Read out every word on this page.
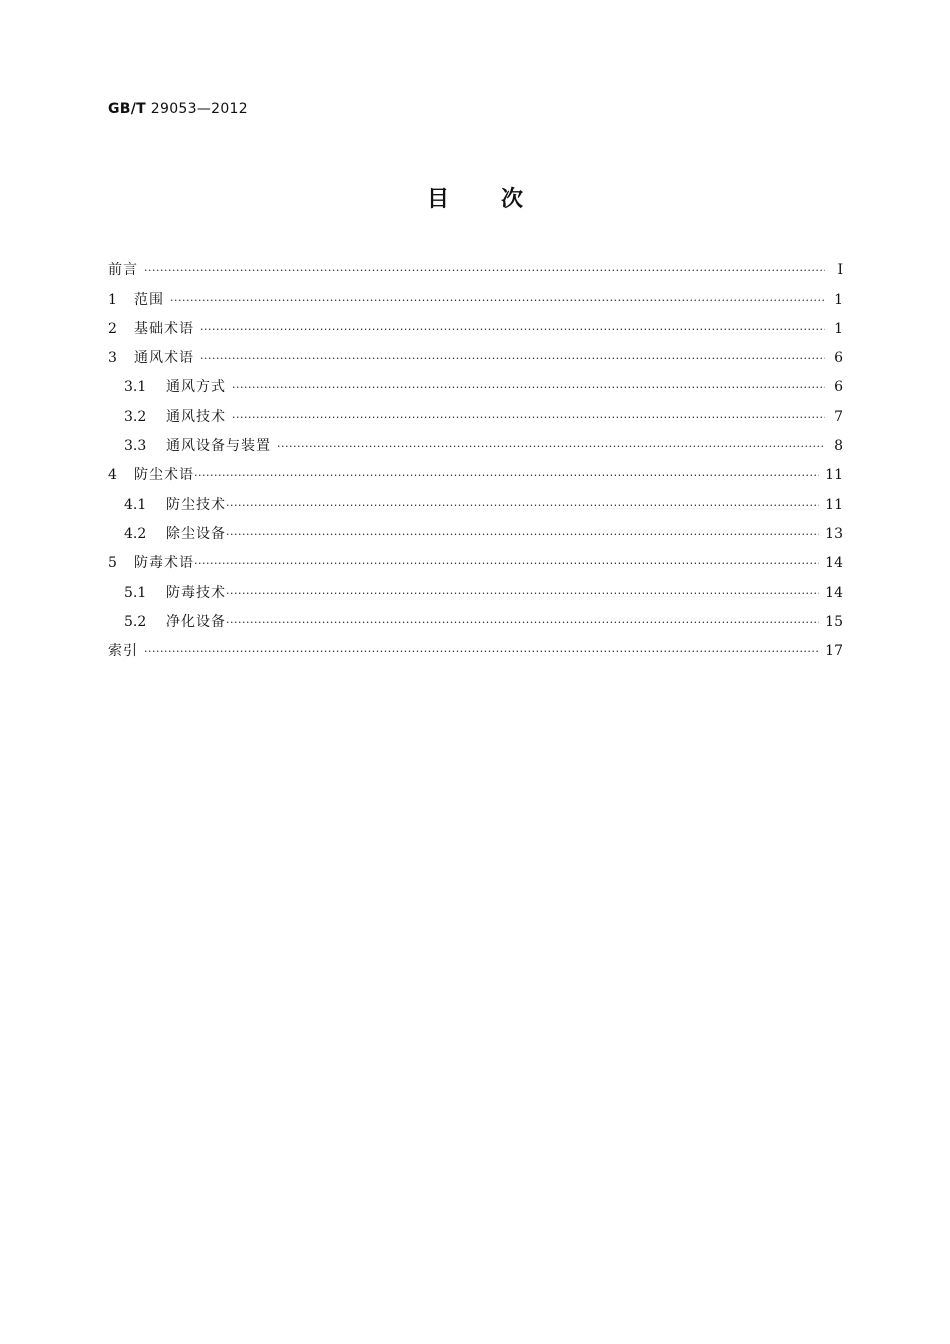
GB/T 29053—2012
目次
前言 ·····	Ⅰ
1	范围 ·····	1
2	基础术语 ·····	1
3	通风术语 ·····	6
3.1	通风方式 ·····	6
3.2	通风技术 ·····	7
3.3	通风设备与装置 ·····	8
4	防尘术语 ·····	11
4.1	防尘技术 ·····	11
4.2	除尘设备 ·····	13
5	防毒术语 ·····	14
5.1	防毒技术 ·····	14
5.2	净化设备 ·····	15
索引 ·····	17
